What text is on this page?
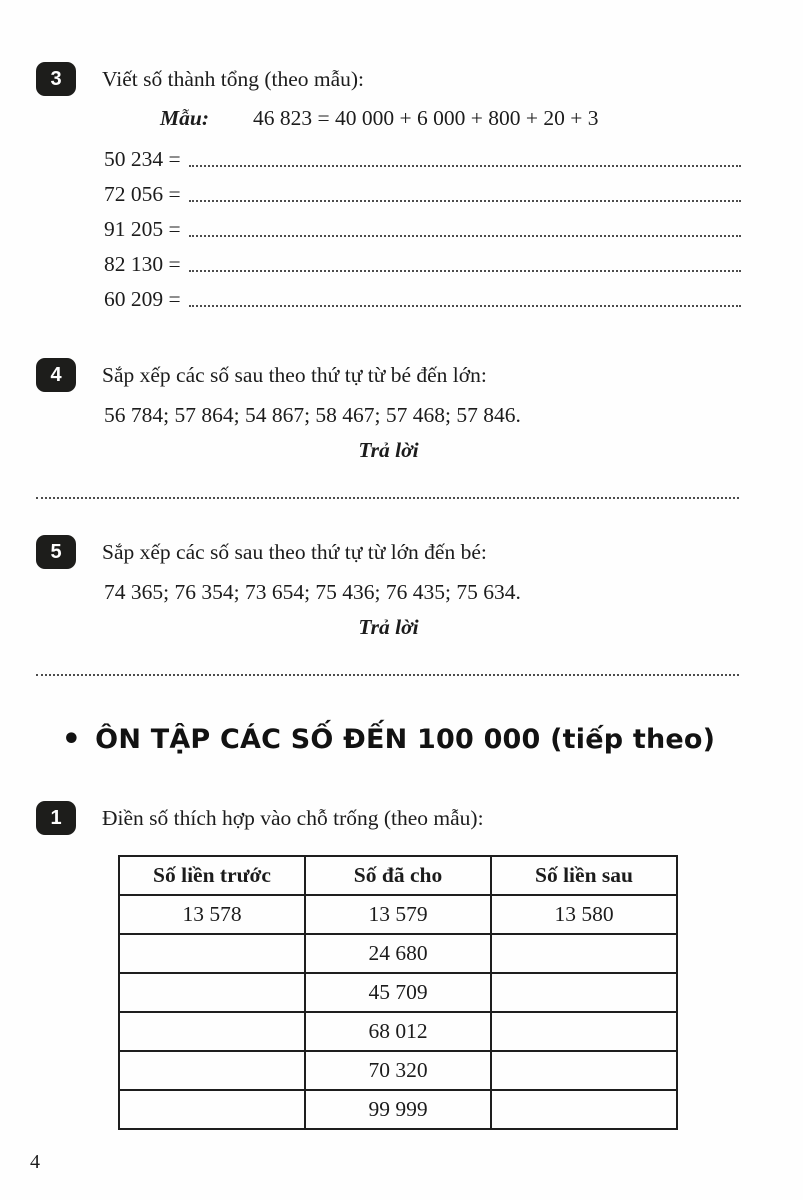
3	Viết số thành tổng (theo mẫu):
Mẫu: 46 823 = 40 000 + 6 000 + 800 + 20 + 3
50 234 =
72 056 =
91 205 =
82 130 =
60 209 =
4	Sắp xếp các số sau theo thứ tự từ bé đến lớn:
56 784; 57 864; 54 867; 58 467; 57 468; 57 846.
Trả lời
5	Sắp xếp các số sau theo thứ tự từ lớn đến bé:
74 365; 76 354; 73 654; 75 436; 76 435; 75 634.
Trả lời
• ÔN TẬP CÁC SỐ ĐẾN 100 000 (tiếp theo)
1	Điền số thích hợp vào chỗ trống (theo mẫu):
Số liền trước	Số đã cho	Số liền sau
13 578	13 579	13 580
	24 680	
	45 709	
	68 012	
	70 320	
	99 999	
4
